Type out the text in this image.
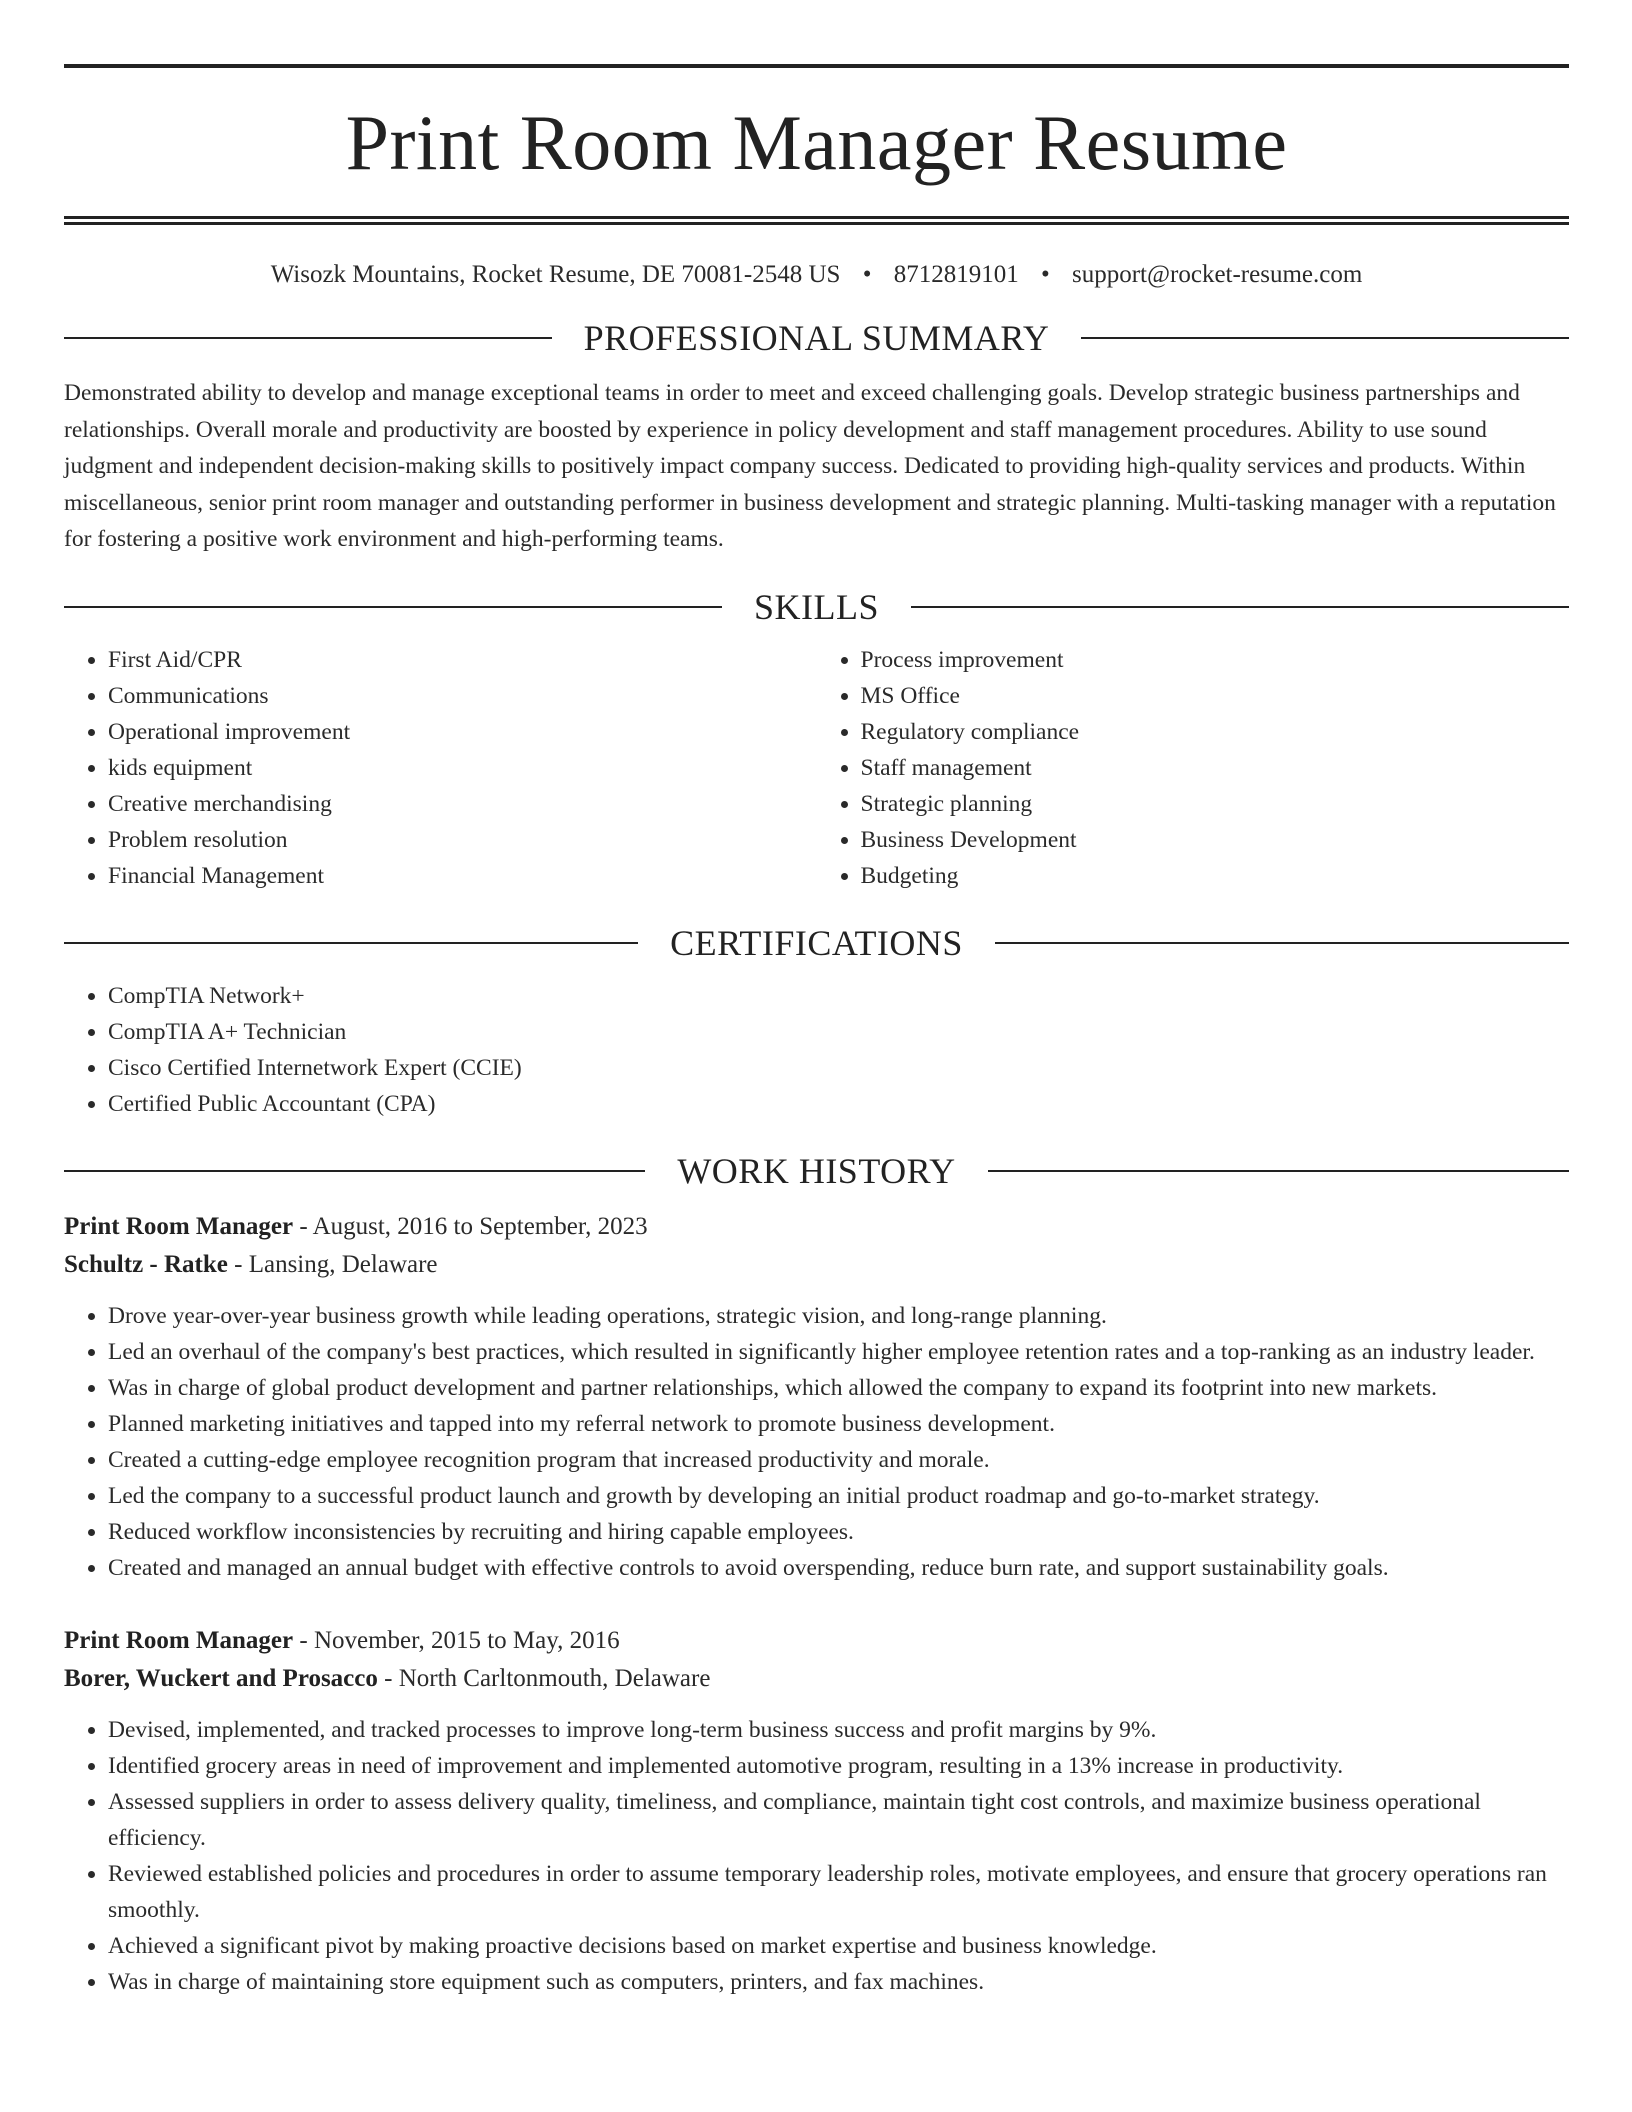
Print Room Manager Resume
Wisozk Mountains, Rocket Resume, DE 70081-2548 US • 8712819101 • support@rocket-resume.com
PROFESSIONAL SUMMARY
Demonstrated ability to develop and manage exceptional teams in order to meet and exceed challenging goals. Develop strategic business partnerships and relationships. Overall morale and productivity are boosted by experience in policy development and staff management procedures. Ability to use sound judgment and independent decision-making skills to positively impact company success. Dedicated to providing high-quality services and products. Within miscellaneous, senior print room manager and outstanding performer in business development and strategic planning. Multi-tasking manager with a reputation for fostering a positive work environment and high-performing teams.
SKILLS
• First Aid/CPR
• Communications
• Operational improvement
• kids equipment
• Creative merchandising
• Problem resolution
• Financial Management
• Process improvement
• MS Office
• Regulatory compliance
• Staff management
• Strategic planning
• Business Development
• Budgeting
CERTIFICATIONS
• CompTIA Network+
• CompTIA A+ Technician
• Cisco Certified Internetwork Expert (CCIE)
• Certified Public Accountant (CPA)
WORK HISTORY
Print Room Manager - August, 2016 to September, 2023
Schultz - Ratke - Lansing, Delaware
• Drove year-over-year business growth while leading operations, strategic vision, and long-range planning.
• Led an overhaul of the company's best practices, which resulted in significantly higher employee retention rates and a top-ranking as an industry leader.
• Was in charge of global product development and partner relationships, which allowed the company to expand its footprint into new markets.
• Planned marketing initiatives and tapped into my referral network to promote business development.
• Created a cutting-edge employee recognition program that increased productivity and morale.
• Led the company to a successful product launch and growth by developing an initial product roadmap and go-to-market strategy.
• Reduced workflow inconsistencies by recruiting and hiring capable employees.
• Created and managed an annual budget with effective controls to avoid overspending, reduce burn rate, and support sustainability goals.
Print Room Manager - November, 2015 to May, 2016
Borer, Wuckert and Prosacco - North Carltonmouth, Delaware
• Devised, implemented, and tracked processes to improve long-term business success and profit margins by 9%.
• Identified grocery areas in need of improvement and implemented automotive program, resulting in a 13% increase in productivity.
• Assessed suppliers in order to assess delivery quality, timeliness, and compliance, maintain tight cost controls, and maximize business operational efficiency.
• Reviewed established policies and procedures in order to assume temporary leadership roles, motivate employees, and ensure that grocery operations ran smoothly.
• Achieved a significant pivot by making proactive decisions based on market expertise and business knowledge.
• Was in charge of maintaining store equipment such as computers, printers, and fax machines.
